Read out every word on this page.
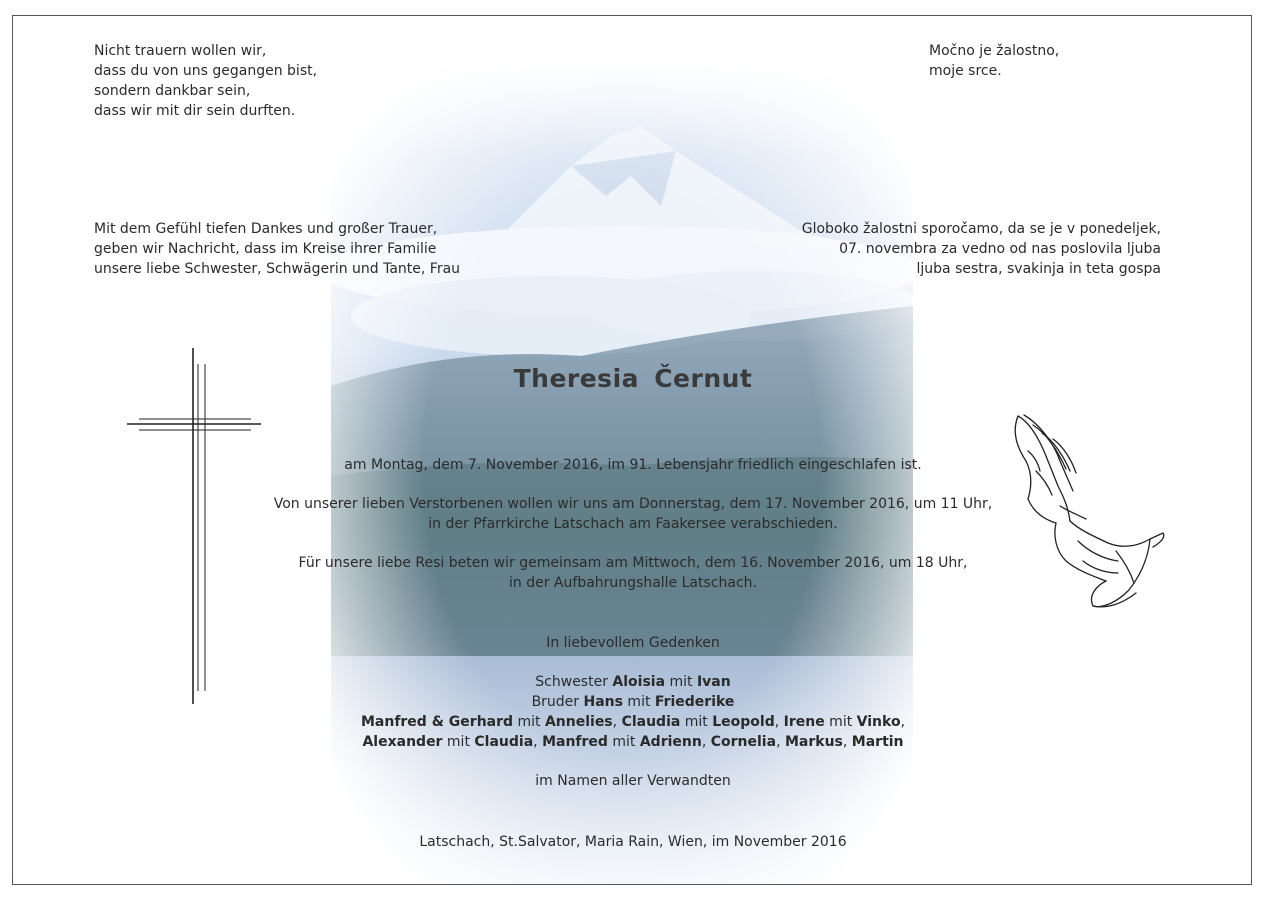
Nicht trauern wollen wir,
dass du von uns gegangen bist,
sondern dankbar sein,
dass wir mit dir sein durften.
Močno je žalostno,
moje srce.
Mit dem Gefühl tiefen Dankes und großer Trauer,
geben wir Nachricht, dass im Kreise ihrer Familie
unsere liebe Schwester, Schwägerin und Tante, Frau
Globoko žalostni sporočamo, da se je v ponedeljek,
07. novembra za vedno od nas poslovila ljuba
ljuba sestra, svakinja in teta gospa
Theresia Černut
am Montag, dem 7. November 2016, im 91. Lebensjahr friedlich eingeschlafen ist.
Von unserer lieben Verstorbenen wollen wir uns am Donnerstag, dem 17. November 2016, um 11 Uhr,
in der Pfarrkirche Latschach am Faakersee verabschieden.
Für unsere liebe Resi beten wir gemeinsam am Mittwoch, dem 16. November 2016, um 18 Uhr,
in der Aufbahrungshalle Latschach.
In liebevollem Gedenken
Schwester Aloisia mit Ivan
Bruder Hans mit Friederike
Manfred & Gerhard mit Annelies, Claudia mit Leopold, Irene mit Vinko,
Alexander mit Claudia, Manfred mit Adrienn, Cornelia, Markus, Martin
im Namen aller Verwandten
Latschach, St.Salvator, Maria Rain, Wien, im November 2016
·
